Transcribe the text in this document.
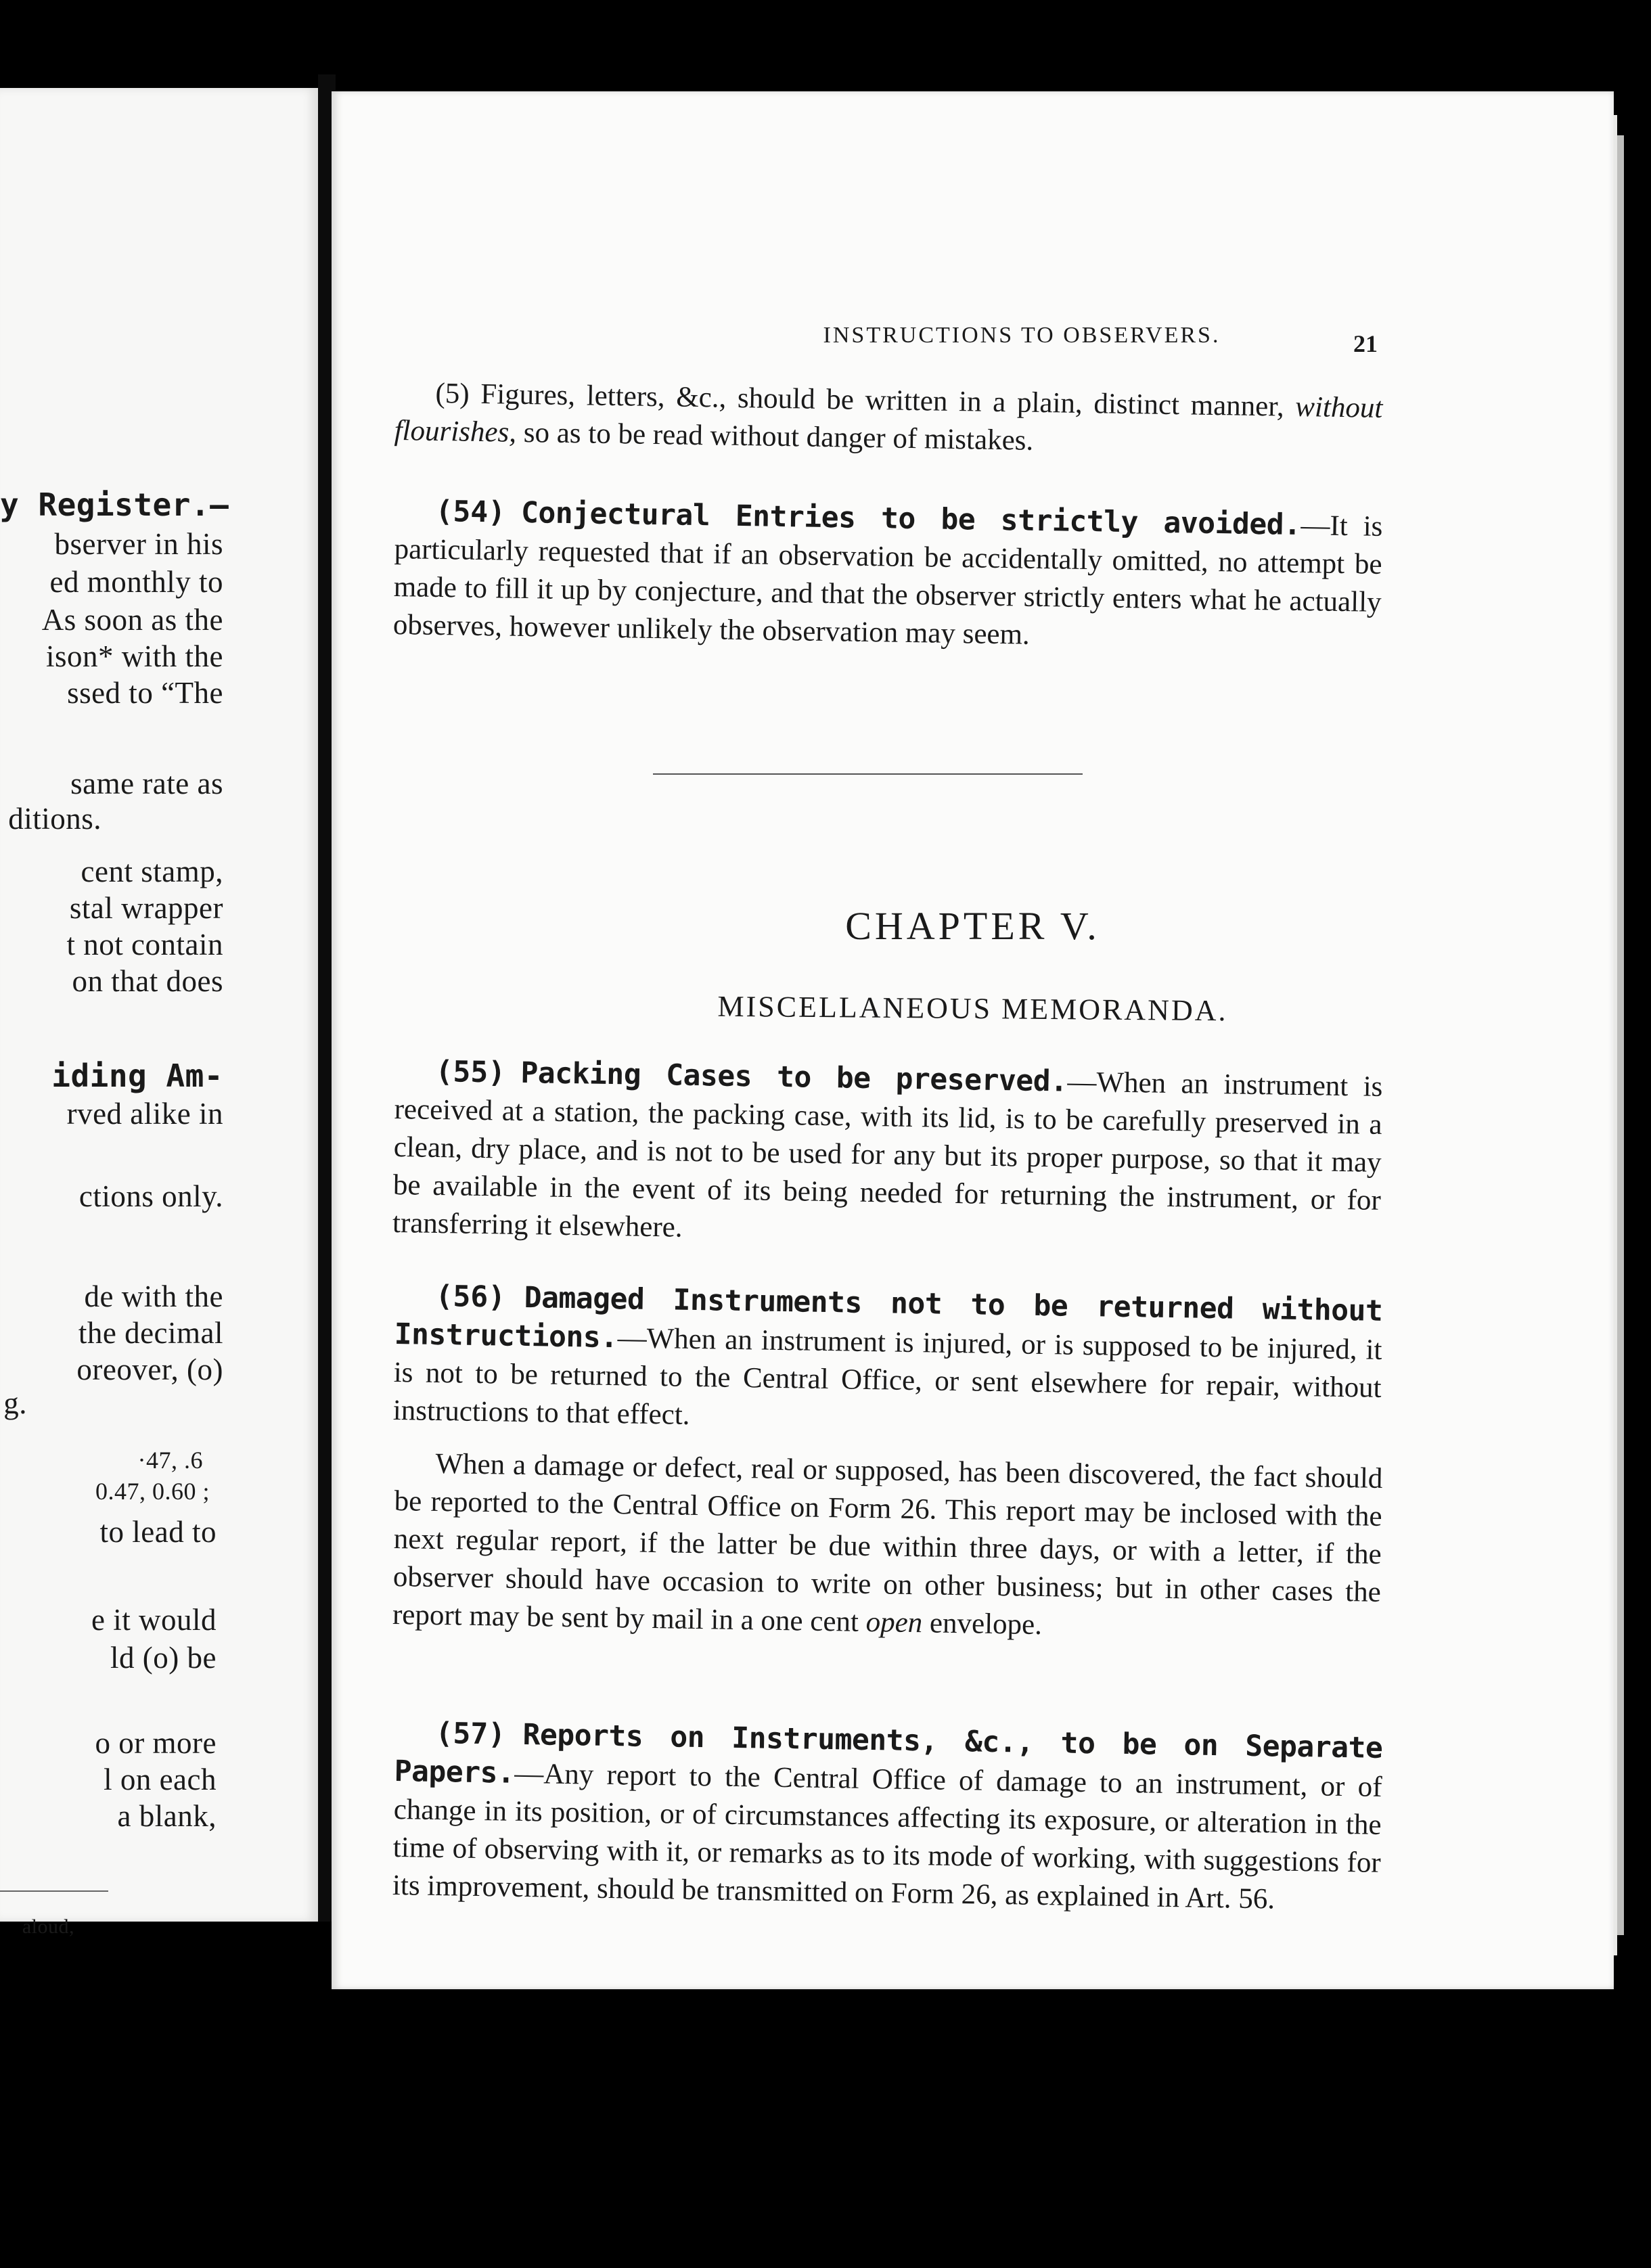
y Register.—
bserver in his
ed monthly to
As soon as the
ison* with the
ssed to “The
same rate as
ditions.
cent stamp,
stal wrapper
t not contain
on that does
iding Am-
rved alike in
ctions only.
de with the
the decimal
oreover, (o)
g.
·47, .6
0.47, 0.60 ;
to lead to
e it would
ld (o) be
o or more
l on each
a blank,
aloud,
INSTRUCTIONS TO OBSERVERS.	21
(5) Figures, letters, &c., should be written in a plain, distinct manner, without flourishes, so as to be read without danger of mistakes.
(54) Conjectural Entries to be strictly avoided.—It is particularly requested that if an observation be accidentally omitted, no attempt be made to fill it up by conjecture, and that the observer strictly enters what he actually observes, however unlikely the observation may seem.
CHAPTER V.
MISCELLANEOUS MEMORANDA.
(55) Packing Cases to be preserved.—When an instrument is received at a station, the packing case, with its lid, is to be carefully preserved in a clean, dry place, and is not to be used for any but its proper purpose, so that it may be available in the event of its being needed for returning the instrument, or for transferring it elsewhere.
(56) Damaged Instruments not to be returned without Instructions.—When an instrument is injured, or is supposed to be injured, it is not to be returned to the Central Office, or sent elsewhere for repair, without instructions to that effect.
When a damage or defect, real or supposed, has been discovered, the fact should be reported to the Central Office on Form 26. This report may be inclosed with the next regular report, if the latter be due within three days, or with a letter, if the observer should have occasion to write on other business; but in other cases the report may be sent by mail in a one cent open envelope.
(57) Reports on Instruments, &c., to be on Separate Papers.—Any report to the Central Office of damage to an instrument, or of change in its position, or of circumstances affecting its exposure, or alteration in the time of observing with it, or remarks as to its mode of working, with suggestions for its improvement, should be transmitted on Form 26, as explained in Art. 56.
